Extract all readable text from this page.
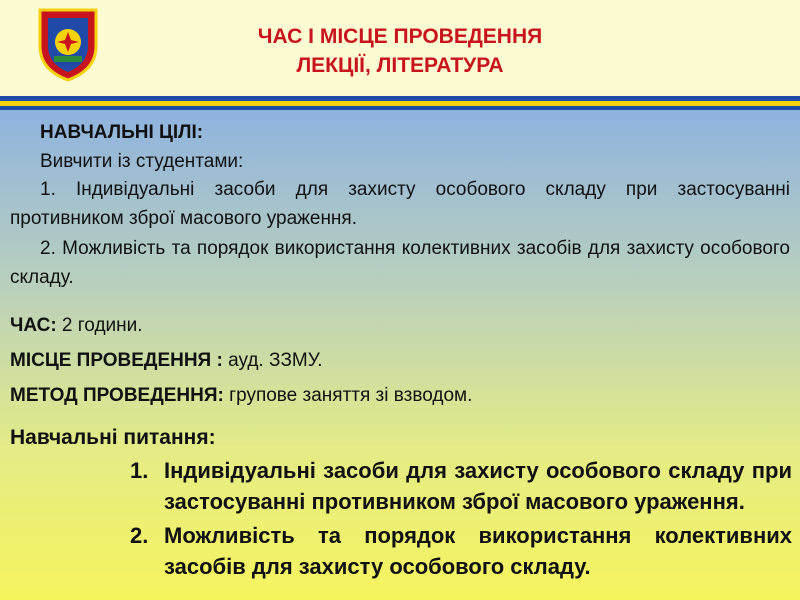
ЧАС І МІСЦЕ ПРОВЕДЕННЯ
ЛЕКЦІЇ, ЛІТЕРАТУРА
НАВЧАЛЬНІ ЦІЛІ:
Вивчити із студентами:
1. Індивідуальні засоби для захисту особового складу при застосуванні противником зброї масового ураження.
2. Можливість та порядок використання колективних засобів для захисту особового складу.
ЧАС: 2 години.
МІСЦЕ ПРОВЕДЕННЯ : ауд. ЗЗМУ.
МЕТОД ПРОВЕДЕННЯ: групове заняття зі взводом.
Навчальні питання:
1. Індивідуальні засоби для захисту особового складу при застосуванні противником зброї масового ураження.
2. Можливість та порядок використання колективних засобів для захисту особового складу.
